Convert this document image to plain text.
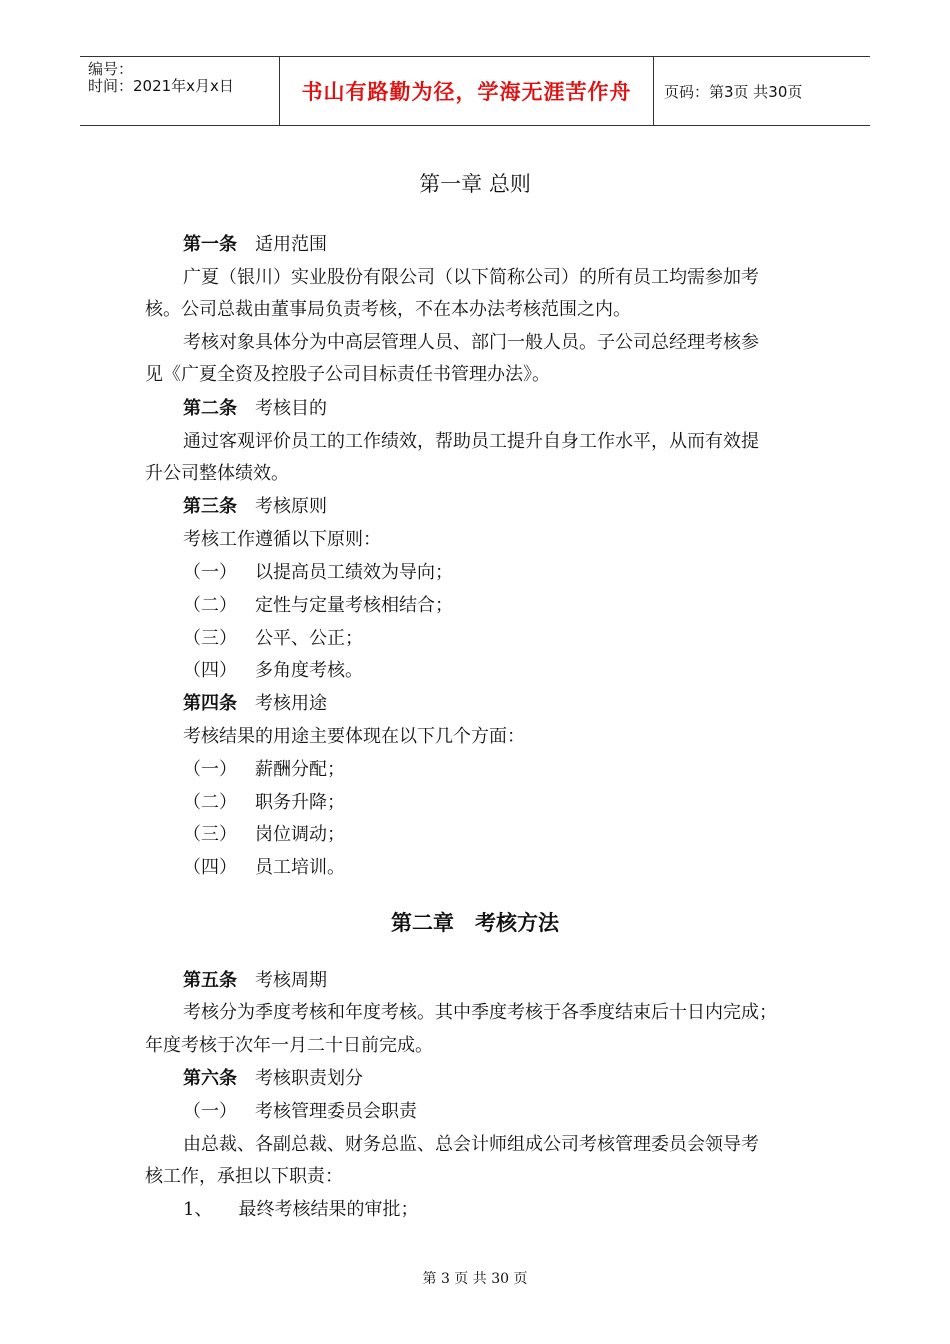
编号：
时间：2021年x月x日	书山有路勤为径，学海无涯苦作舟	页码：第3页 共30页
第一章 总则
第一条 适用范围
广夏（银川）实业股份有限公司（以下简称公司）的所有员工均需参加考
核。公司总裁由董事局负责考核，不在本办法考核范围之内。
考核对象具体分为中高层管理人员、部门一般人员。子公司总经理考核参
见《广夏全资及控股子公司目标责任书管理办法》。
第二条 考核目的
通过客观评价员工的工作绩效，帮助员工提升自身工作水平，从而有效提
升公司整体绩效。
第三条 考核原则
考核工作遵循以下原则：
（一） 以提高员工绩效为导向；
（二） 定性与定量考核相结合；
（三） 公平、公正；
（四） 多角度考核。
第四条 考核用途
考核结果的用途主要体现在以下几个方面：
（一） 薪酬分配；
（二） 职务升降；
（三） 岗位调动；
（四） 员工培训。
第二章　考核方法
第五条 考核周期
考核分为季度考核和年度考核。其中季度考核于各季度结束后十日内完成；
年度考核于次年一月二十日前完成。
第六条 考核职责划分
（一） 考核管理委员会职责
由总裁、各副总裁、财务总监、总会计师组成公司考核管理委员会领导考
核工作，承担以下职责：
1、 最终考核结果的审批；
第 3 页 共 30 页
